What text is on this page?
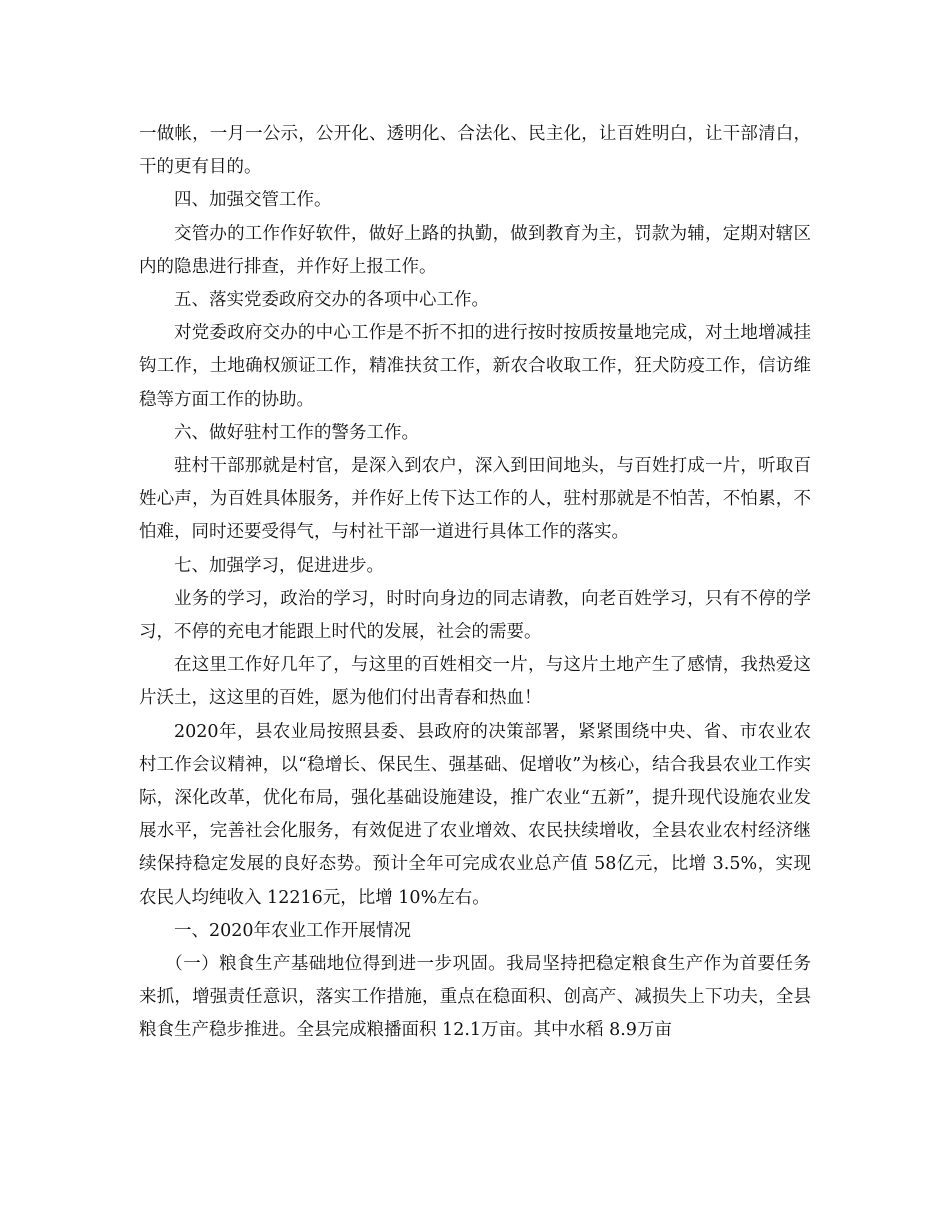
一做帐，一月一公示，公开化、透明化、合法化、民主化，让百姓明白，让干部清白，干的更有目的。

四、加强交管工作。

交管办的工作作好软件，做好上路的执勤，做到教育为主，罚款为辅，定期对辖区内的隐患进行排查，并作好上报工作。

五、落实党委政府交办的各项中心工作。

对党委政府交办的中心工作是不折不扣的进行按时按质按量地完成，对土地增减挂钩工作，土地确权颁证工作，精准扶贫工作，新农合收取工作，狂犬防疫工作，信访维稳等方面工作的协助。

六、做好驻村工作的警务工作。

驻村干部那就是村官，是深入到农户，深入到田间地头，与百姓打成一片，听取百姓心声，为百姓具体服务，并作好上传下达工作的人，驻村那就是不怕苦，不怕累，不怕难，同时还要受得气，与村社干部一道进行具体工作的落实。

七、加强学习，促进进步。

业务的学习，政治的学习，时时向身边的同志请教，向老百姓学习，只有不停的学习，不停的充电才能跟上时代的发展，社会的需要。

在这里工作好几年了，与这里的百姓相交一片，与这片土地产生了感情，我热爱这片沃土，这这里的百姓，愿为他们付出青春和热血！

2020年，县农业局按照县委、县政府的决策部署，紧紧围绕中央、省、市农业农村工作会议精神，以“稳增长、保民生、强基础、促增收”为核心，结合我县农业工作实际，深化改革，优化布局，强化基础设施建设，推广农业“五新”，提升现代设施农业发展水平，完善社会化服务，有效促进了农业增效、农民扶续增收，全县农业农村经济继续保持稳定发展的良好态势。预计全年可完成农业总产值 58亿元，比增 3.5%，实现农民人均纯收入 12216元，比增 10%左右。

一、2020年农业工作开展情况

（一）粮食生产基础地位得到进一步巩固。我局坚持把稳定粮食生产作为首要任务来抓，增强责任意识，落实工作措施，重点在稳面积、创高产、减损失上下功夫，全县粮食生产稳步推进。全县完成粮播面积 12.1万亩。其中水稻 8.9万亩
